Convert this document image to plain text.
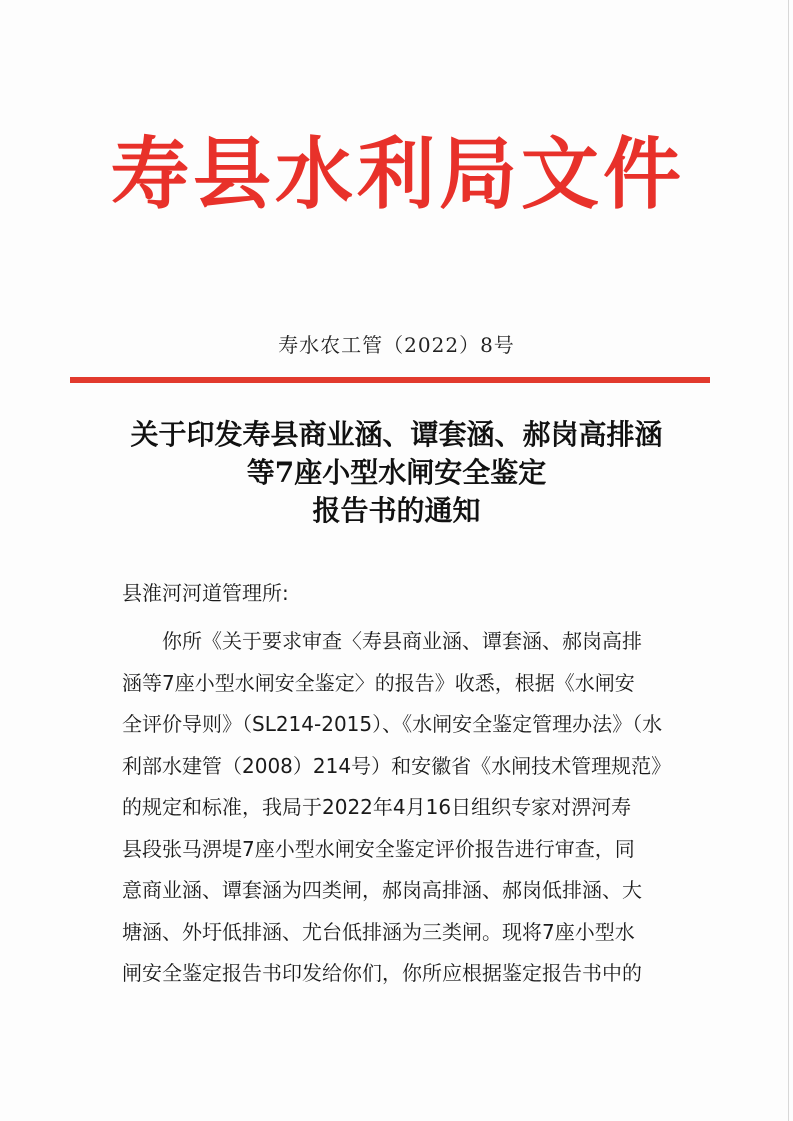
寿县水利局文件
寿水农工管（2022）8号
关于印发寿县商业涵、谭套涵、郝岗高排涵
等7座小型水闸安全鉴定
报告书的通知
县淮河河道管理所:
你所《关于要求审查〈寿县商业涵、谭套涵、郝岗高排
涵等7座小型水闸安全鉴定〉的报告》收悉，根据《水闸安
全评价导则》（SL214-2015）、《水闸安全鉴定管理办法》（水
利部水建管（2008）214号）和安徽省《水闸技术管理规范》
的规定和标准，我局于2022年4月16日组织专家对淠河寿
县段张马淠堤7座小型水闸安全鉴定评价报告进行审查，同
意商业涵、谭套涵为四类闸，郝岗高排涵、郝岗低排涵、大
塘涵、外圩低排涵、尤台低排涵为三类闸。现将7座小型水
闸安全鉴定报告书印发给你们，你所应根据鉴定报告书中的
